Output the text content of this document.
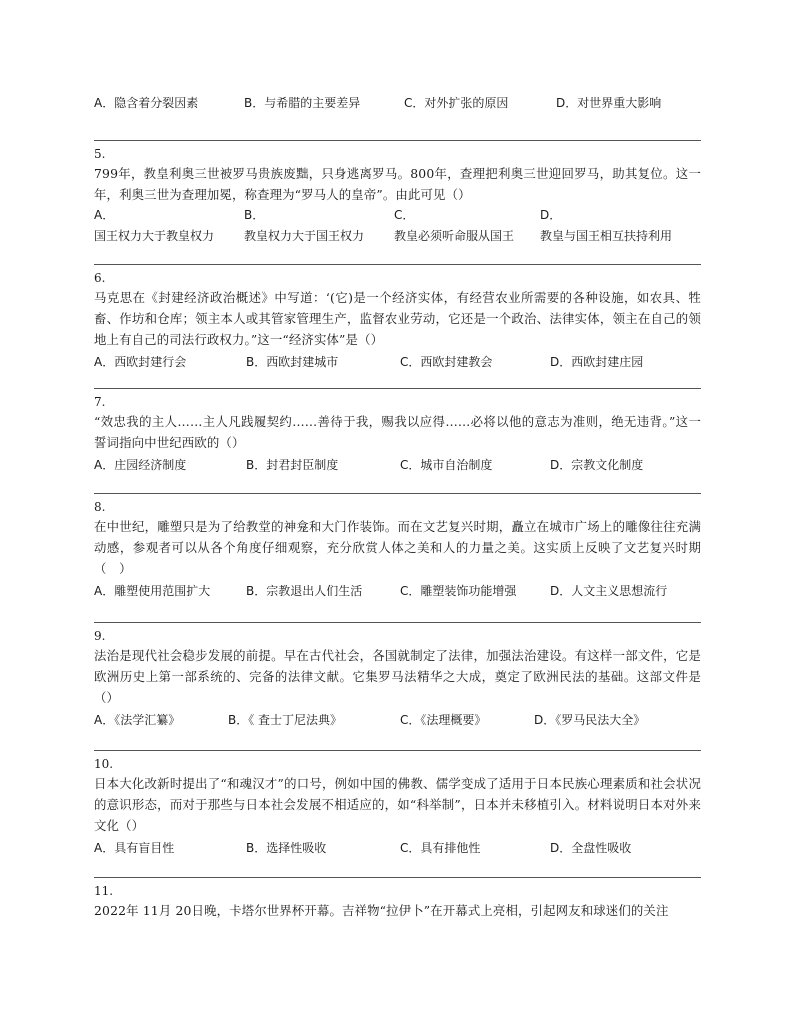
A．隐含着分裂因素	B．与希腊的主要差异	C．对外扩张的原因	D．对世界重大影响
5.
799年，教皇利奥三世被罗马贵族废黜，只身逃离罗马。800年，查理把利奥三世迎回罗马，助其复位。这一年，利奥三世为查理加冕，称查理为“罗马人的皇帝”。由此可见（）
A．
国王权力大于教皇权力
B．
教皇权力大于国王权力
C．
教皇必须听命服从国王
D．
教皇与国王相互扶持利用
6.
马克思在《封建经济政治概述》中写道：‘(它)是一个经济实体，有经营农业所需要的各种设施，如农具、牲畜、作坊和仓库；领主本人或其管家管理生产，监督农业劳动，它还是一个政治、法律实体，领主在自己的领地上有自己的司法行政权力。”这一“经济实体”是（）
A．西欧封建行会	B．西欧封建城市	C．西欧封建教会	D．西欧封建庄园
7.
“效忠我的主人……主人凡践履契约……善待于我，赐我以应得……必将以他的意志为准则，绝无违背。”这一誓词指向中世纪西欧的（）
A．庄园经济制度	B．封君封臣制度	C．城市自治制度	D．宗教文化制度
8.
在中世纪，雕塑只是为了给教堂的神龛和大门作装饰。而在文艺复兴时期，矗立在城市广场上的雕像往往充满动感，参观者可以从各个角度仔细观察，充分欣赏人体之美和人的力量之美。这实质上反映了文艺复兴时期（　）
A．雕塑使用范围扩大	B．宗教退出人们生活	C．雕塑装饰功能增强	D．人文主义思想流行
9.
法治是现代社会稳步发展的前提。早在古代社会，各国就制定了法律，加强法治建设。有这样一部文件，它是欧洲历史上第一部系统的、完备的法律文献。它集罗马法精华之大成，奠定了欧洲民法的基础。这部文件是（）
A．《法学汇纂》	B．《 査士丁尼法典》	C．《法理概要》	D．《罗马民法大全》
10.
日本大化改新时提出了“和魂汉才”的口号，例如中国的佛教、儒学变成了适用于日本民族心理素质和社会状况的意识形态，而对于那些与日本社会发展不相适应的，如“科举制”，日本并未移植引入。材料说明日本对外来文化（）
A．具有盲目性	B．选择性吸收	C．具有排他性	D．全盘性吸收
11.
2022年 11月 20日晚，卡塔尔世界杯开幕。吉祥物“拉伊卜”在开幕式上亮相，引起网友和球迷们的关注
